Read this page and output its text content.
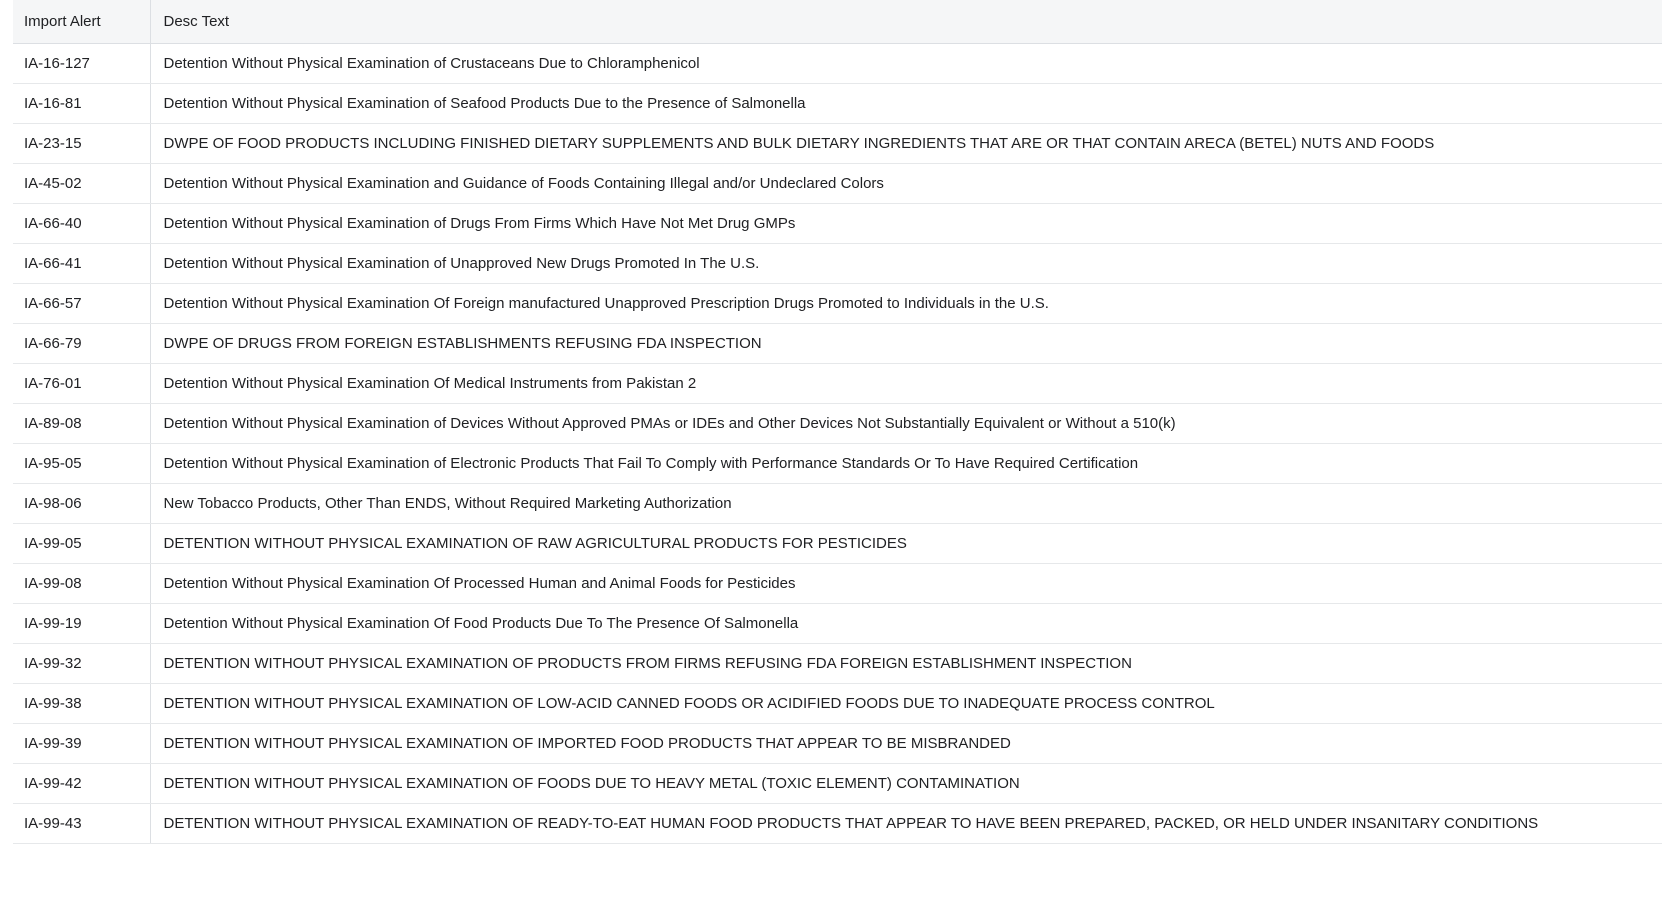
Import Alert	Desc Text
IA-16-127	Detention Without Physical Examination of Crustaceans Due to Chloramphenicol
IA-16-81	Detention Without Physical Examination of Seafood Products Due to the Presence of Salmonella
IA-23-15	DWPE OF FOOD PRODUCTS INCLUDING FINISHED DIETARY SUPPLEMENTS AND BULK DIETARY INGREDIENTS THAT ARE OR THAT CONTAIN ARECA (BETEL) NUTS AND FOODS
IA-45-02	Detention Without Physical Examination and Guidance of Foods Containing Illegal and/or Undeclared Colors
IA-66-40	Detention Without Physical Examination of Drugs From Firms Which Have Not Met Drug GMPs
IA-66-41	Detention Without Physical Examination of Unapproved New Drugs Promoted In The U.S.
IA-66-57	Detention Without Physical Examination Of Foreign manufactured Unapproved Prescription Drugs Promoted to Individuals in the U.S.
IA-66-79	DWPE OF DRUGS FROM FOREIGN ESTABLISHMENTS REFUSING FDA INSPECTION
IA-76-01	Detention Without Physical Examination Of Medical Instruments from Pakistan 2
IA-89-08	Detention Without Physical Examination of Devices Without Approved PMAs or IDEs and Other Devices Not Substantially Equivalent or Without a 510(k)
IA-95-05	Detention Without Physical Examination of Electronic Products That Fail To Comply with Performance Standards Or To Have Required Certification
IA-98-06	New Tobacco Products, Other Than ENDS, Without Required Marketing Authorization
IA-99-05	DETENTION WITHOUT PHYSICAL EXAMINATION OF RAW AGRICULTURAL PRODUCTS FOR PESTICIDES
IA-99-08	Detention Without Physical Examination Of Processed Human and Animal Foods for Pesticides
IA-99-19	Detention Without Physical Examination Of Food Products Due To The Presence Of Salmonella
IA-99-32	DETENTION WITHOUT PHYSICAL EXAMINATION OF PRODUCTS FROM FIRMS REFUSING FDA FOREIGN ESTABLISHMENT INSPECTION
IA-99-38	DETENTION WITHOUT PHYSICAL EXAMINATION OF LOW-ACID CANNED FOODS OR ACIDIFIED FOODS DUE TO INADEQUATE PROCESS CONTROL
IA-99-39	DETENTION WITHOUT PHYSICAL EXAMINATION OF IMPORTED FOOD PRODUCTS THAT APPEAR TO BE MISBRANDED
IA-99-42	DETENTION WITHOUT PHYSICAL EXAMINATION OF FOODS DUE TO HEAVY METAL (TOXIC ELEMENT) CONTAMINATION
IA-99-43	DETENTION WITHOUT PHYSICAL EXAMINATION OF READY-TO-EAT HUMAN FOOD PRODUCTS THAT APPEAR TO HAVE BEEN PREPARED, PACKED, OR HELD UNDER INSANITARY CONDITIONS
